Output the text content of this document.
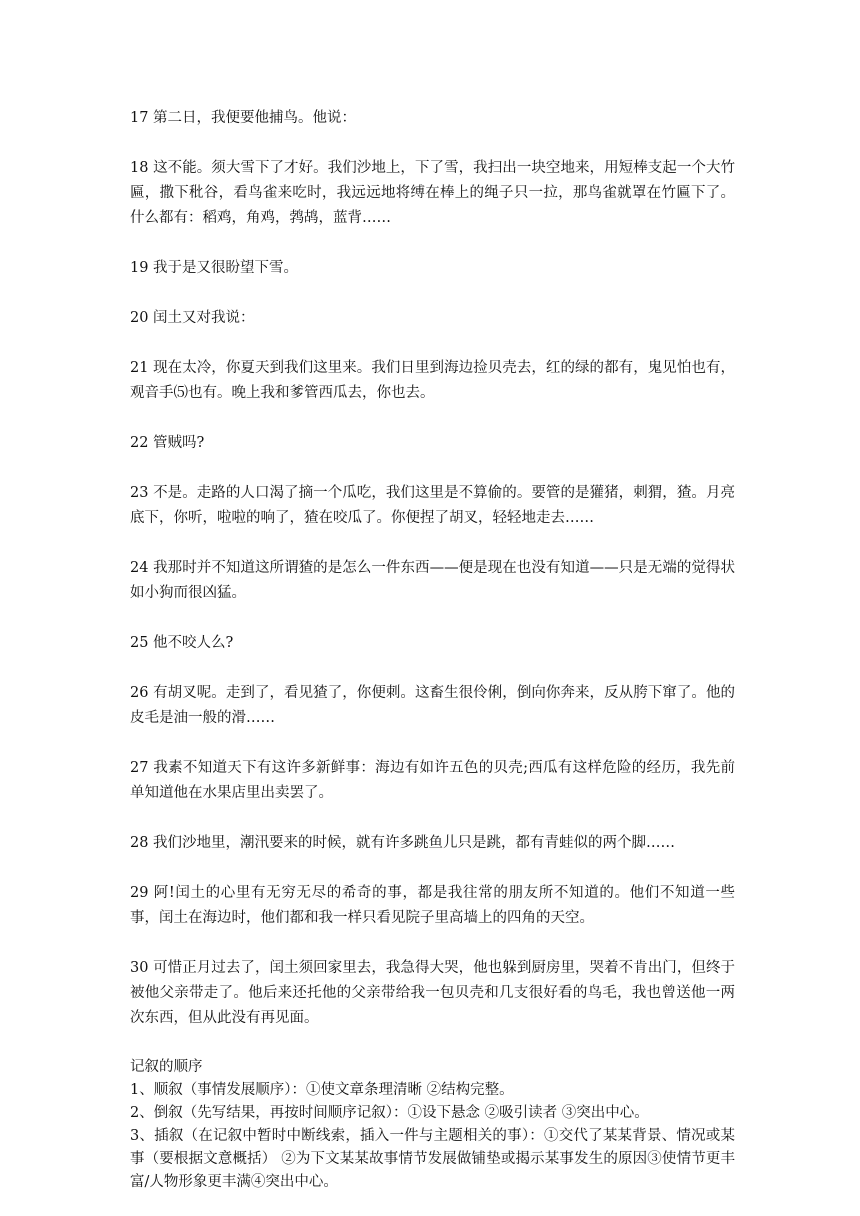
17 第二日，我便要他捕鸟。他说：

18 这不能。须大雪下了才好。我们沙地上，下了雪，我扫出一块空地来，用短棒支起一个大竹匾，撒下秕谷，看鸟雀来吃时，我远远地将缚在棒上的绳子只一拉，那鸟雀就罩在竹匾下了。什么都有：稻鸡，角鸡，鹁鸪，蓝背……

19 我于是又很盼望下雪。

20 闰土又对我说：

21 现在太冷，你夏天到我们这里来。我们日里到海边捡贝壳去，红的绿的都有，鬼见怕也有，观音手⑸也有。晚上我和爹管西瓜去，你也去。

22 管贼吗?

23 不是。走路的人口渴了摘一个瓜吃，我们这里是不算偷的。要管的是獾猪，刺猬，猹。月亮底下，你听，啦啦的响了，猹在咬瓜了。你便捏了胡叉，轻轻地走去……

24 我那时并不知道这所谓猹的是怎么一件东西——便是现在也没有知道——只是无端的觉得状如小狗而很凶猛。

25 他不咬人么?

26 有胡叉呢。走到了，看见猹了，你便刺。这畜生很伶俐，倒向你奔来，反从胯下窜了。他的皮毛是油一般的滑……

27 我素不知道天下有这许多新鲜事：海边有如许五色的贝壳;西瓜有这样危险的经历，我先前单知道他在水果店里出卖罢了。

28 我们沙地里，潮汛要来的时候，就有许多跳鱼儿只是跳，都有青蛙似的两个脚……

29 阿!闰土的心里有无穷无尽的希奇的事，都是我往常的朋友所不知道的。他们不知道一些事，闰土在海边时，他们都和我一样只看见院子里高墙上的四角的天空。

30 可惜正月过去了，闰土须回家里去，我急得大哭，他也躲到厨房里，哭着不肯出门，但终于被他父亲带走了。他后来还托他的父亲带给我一包贝壳和几支很好看的鸟毛，我也曾送他一两次东西，但从此没有再见面。

记叙的顺序

1、顺叙（事情发展顺序）：①使文章条理清晰 ②结构完整。

2、倒叙（先写结果，再按时间顺序记叙）：①设下悬念 ②吸引读者 ③突出中心。

3、插叙（在记叙中暂时中断线索，插入一件与主题相关的事）：①交代了某某背景、情况或某事（要根据文意概括） ②为下文某某故事情节发展做铺垫或揭示某事发生的原因③使情节更丰富/人物形象更丰满④突出中心。
